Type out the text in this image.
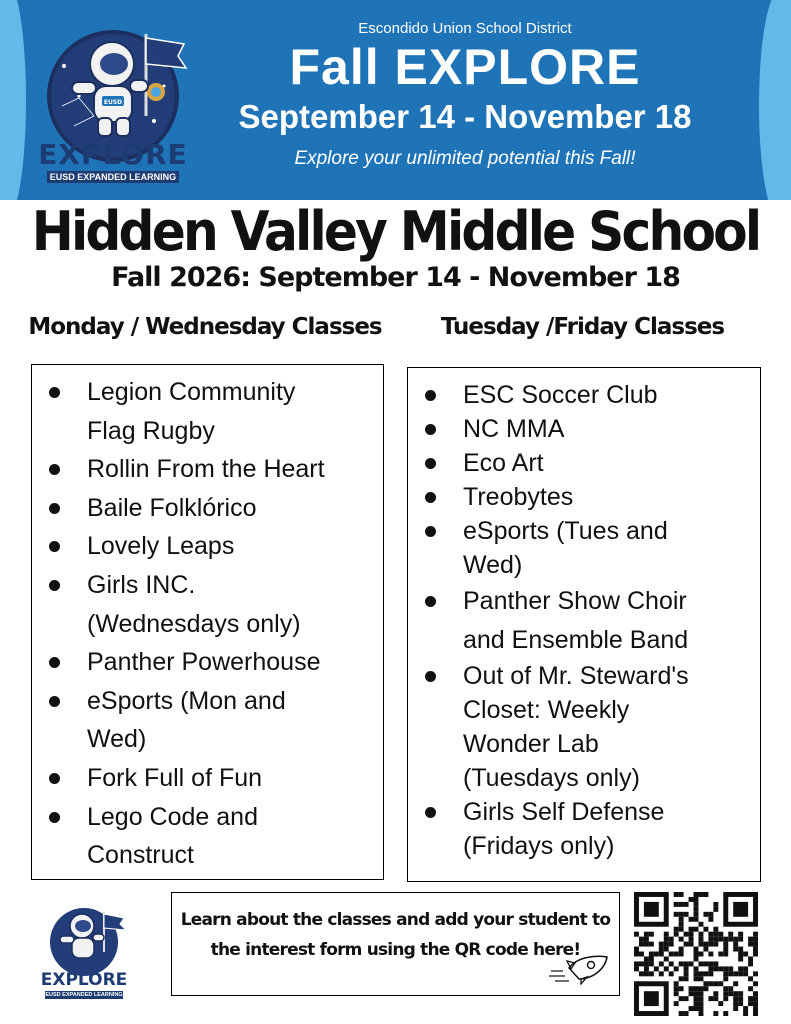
EUSD
EXPLORE
EUSD EXPANDED LEARNING
Escondido Union School District
Fall EXPLORE
September 14 - November 18
Explore your unlimited potential this Fall!
Hidden Valley Middle School
Fall 2026: September 14 - November 18
Monday / Wednesday Classes	Tuesday /Friday Classes
Legion Community
Flag Rugby
Rollin From the Heart
Baile Folklórico
Lovely Leaps
Girls INC.
(Wednesdays only)
Panther Powerhouse
eSports (Mon and
Wed)
Fork Full of Fun
Lego Code and
Construct
ESC Soccer Club
NC MMA
Eco Art
Treobytes
eSports (Tues and
Wed)
Panther Show Choir
and Ensemble Band
Out of Mr. Steward's
Closet: Weekly
Wonder Lab
(Tuesdays only)
Girls Self Defense
(Fridays only)
EXPLORE
EUSD EXPANDED LEARNING
Learn about the classes and add your student to
the interest form using the QR code here!
